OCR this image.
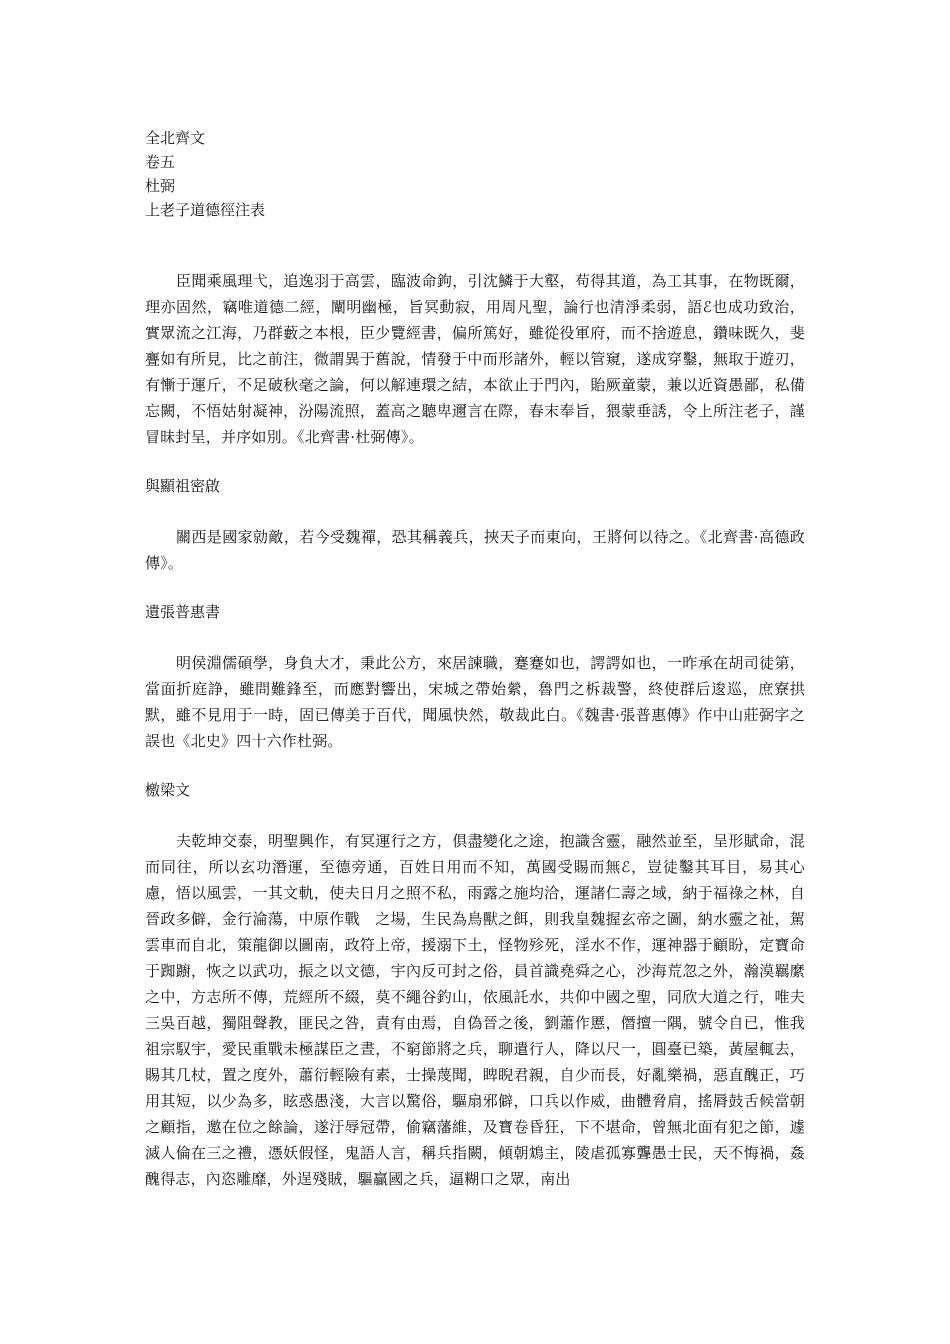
全北齊文

卷五

杜弼

上老子道德徑注表

臣聞乘風理弋，追逸羽于高雲，臨波命鉤，引沈鱗于大壑，苟得其道，為工其事，在物既爾，理亦固然，竊唯道德二經，闡明幽極，旨冥動寂，用周凡聖，論行也清淨柔弱，語ℰ也成功致治，實眾流之江海，乃群藪之本根，臣少覽經書，偏所篤好，雖從役軍府，而不捨遊息，鑽味既久，斐亹如有所見，比之前注，微謂異于舊說，情發于中而形諸外，輕以管窺，遂成穿鑿，無取于遊刃，有慚于運斤，不足破秋毫之論，何以解連環之結，本欲止于門內，貽厥童蒙，兼以近資愚鄙，私備忘闕，不悟姑射凝神，汾陽流照，蓋高之聽卑邇言在際，春末奉旨，猥蒙垂誘，令上所注老子，謹冒昧封呈，并序如別。《北齊書·杜弼傳》。

與顯祖密啟

關西是國家勍敵，若今受魏禪，恐其稱義兵，挾天子而東向，王將何以待之。《北齊書·高德政傳》。

遺張普惠書

明侯淵儒碩學，身負大才，秉此公方，來居諫職，蹇蹇如也，諤諤如也，一昨承在胡司徒第，當面折庭諍，雖問難鋒至，而應對響出，宋城之帶始縈，魯門之柝裁警，終使群后逡巡，庶寮拱默，雖不見用于一時，固已傳美于百代，聞風快然，敬裁此白。《魏書·張普惠傳》作中山莊弼字之誤也《北史》四十六作杜弼。

檄梁文

夫乾坤交泰，明聖興作，有冥運行之方，俱盡變化之途，抱識含靈，融然並至，呈形賦命，混而同往，所以玄功潛運，至德旁通，百姓日用而不知，萬國受賜而無ℰ，豈徒鑿其耳目，易其心慮，悟以風雲，一其文軌，使夫日月之照不私，雨露之施均洽，運諸仁壽之域，納于福祿之林，自晉政多僻，金行淪蕩，中原作戰　之場，生民為鳥獸之餌，則我皇魏握玄帝之圖，納水靈之祉，駕雲車而自北，策龍御以圖南，政符上帝，援溺下土，怪物殄死，淫水不作，運神器于顧盼，定寶命于踟躕，恢之以武功，振之以文德，宇內反可封之俗，員首識堯舜之心，沙海荒忽之外，瀚漠羈縻之中，方志所不傳，荒經所不綴，莫不繩谷釣山，依風託水，共仰中國之聖，同欣大道之行，唯夫三吳百越，獨阻聲教，匪民之咎，責有由焉，自偽晉之後，劉蕭作慝，僭擅一隅，號令自已，惟我祖宗馭宇，愛民重戰未極謀臣之晝，不窮節將之兵，聊遣行人，降以尺一，圓臺已築，黃屋輒去，賜其几杖，置之度外，蕭衍輕險有素，士操蔑聞，睥睨君親，自少而長，好亂樂禍，惡直醜正，巧用其短，以少為多，眩惑愚淺，大言以驚俗，驅扇邪僻，口兵以作威，曲體脅肩，搖脣鼓舌候當朝之顧指，邀在位之餘論，遂汙辱冠帶，偷竊藩維，及寶卷昏狂，下不堪命，曾無北面有犯之節，遽滅人倫在三之禮，憑妖假怪，鬼語人言，稱兵指闕，傾朝鴆主，陵虐孤寡聾愚士民，天不悔禍，姦醜得志，內恣雕靡，外逞殘賊，驅贏國之兵，逼糊口之眾，南出
